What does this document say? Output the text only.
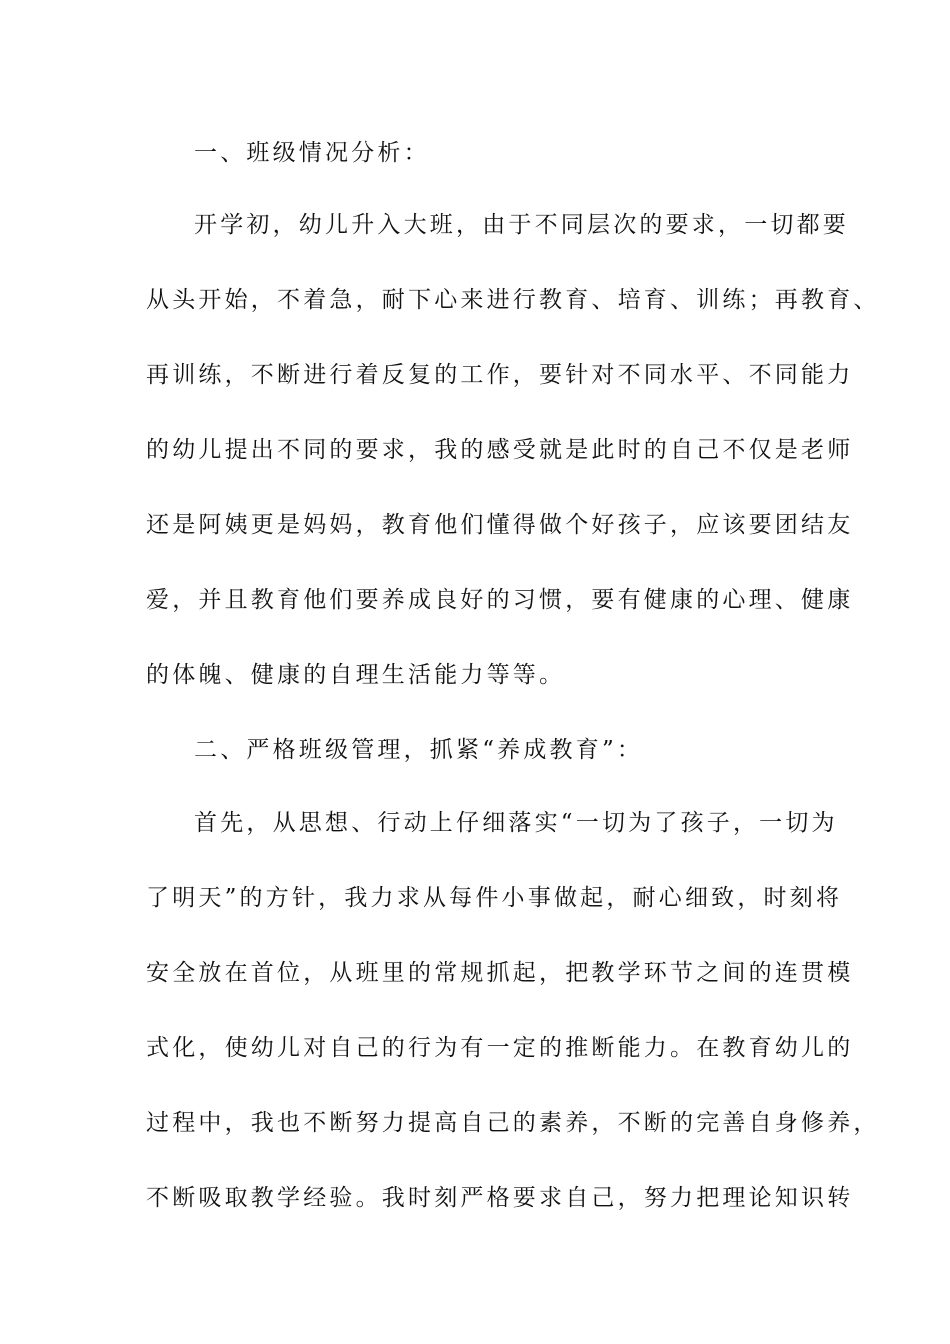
一、班级情况分析：
开学初，幼儿升入大班，由于不同层次的要求，一切都要
从头开始，不着急，耐下心来进行教育、培育、训练；再教育、
再训练，不断进行着反复的工作，要针对不同水平、不同能力
的幼儿提出不同的要求，我的感受就是此时的自己不仅是老师
还是阿姨更是妈妈，教育他们懂得做个好孩子，应该要团结友
爱，并且教育他们要养成良好的习惯，要有健康的心理、健康
的体魄、健康的自理生活能力等等。
二、严格班级管理，抓紧“养成教育”：
首先，从思想、行动上仔细落实“一切为了孩子，一切为
了明天”的方针，我力求从每件小事做起，耐心细致，时刻将
安全放在首位，从班里的常规抓起，把教学环节之间的连贯模
式化，使幼儿对自己的行为有一定的推断能力。在教育幼儿的
过程中，我也不断努力提高自己的素养，不断的完善自身修养，
不断吸取教学经验。我时刻严格要求自己，努力把理论知识转
